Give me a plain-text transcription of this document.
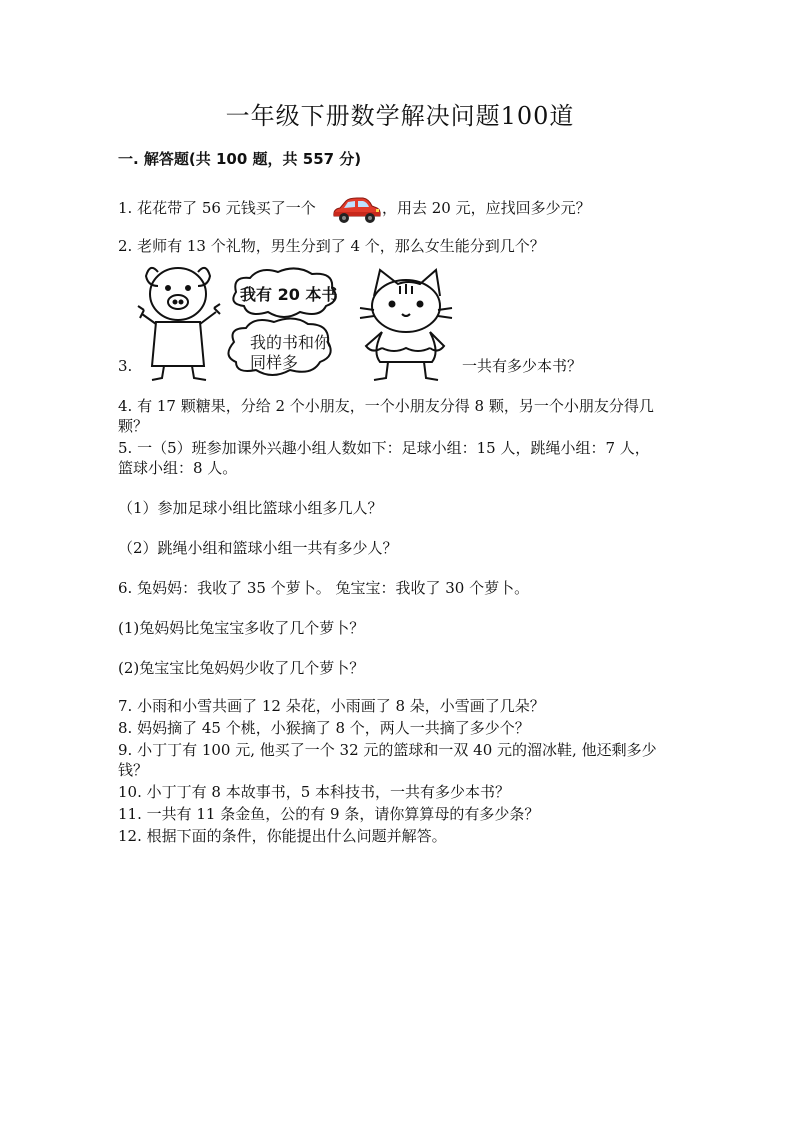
一年级下册数学解决问题100道
一. 解答题(共 100 题，共 557 分)
1. 花花带了 56 元钱买了一个	，用去 20 元，应找回多少元？
2. 老师有 13 个礼物，男生分到了 4 个，那么女生能分到几个？
我有 20 本书
我的书和你
同样多
3.	一共有多少本书？
4. 有 17 颗糖果，分给 2 个小朋友，一个小朋友分得 8 颗，另一个小朋友分得几
颗？
5. 一（5）班参加课外兴趣小组人数如下：足球小组：15 人，跳绳小组：7 人，
篮球小组：8 人。
（1）参加足球小组比篮球小组多几人？
（2）跳绳小组和篮球小组一共有多少人？
6. 兔妈妈：我收了 35 个萝卜。 兔宝宝：我收了 30 个萝卜。
(1)兔妈妈比兔宝宝多收了几个萝卜？
(2)兔宝宝比兔妈妈少收了几个萝卜？
7. 小雨和小雪共画了 12 朵花，小雨画了 8 朵，小雪画了几朵？
8. 妈妈摘了 45 个桃，小猴摘了 8 个，两人一共摘了多少个？
9. 小丁丁有 100 元, 他买了一个 32 元的篮球和一双 40 元的溜冰鞋, 他还剩多少
钱？
10. 小丁丁有 8 本故事书，5 本科技书，一共有多少本书？
11. 一共有 11 条金鱼，公的有 9 条，请你算算母的有多少条？
12. 根据下面的条件，你能提出什么问题并解答。
